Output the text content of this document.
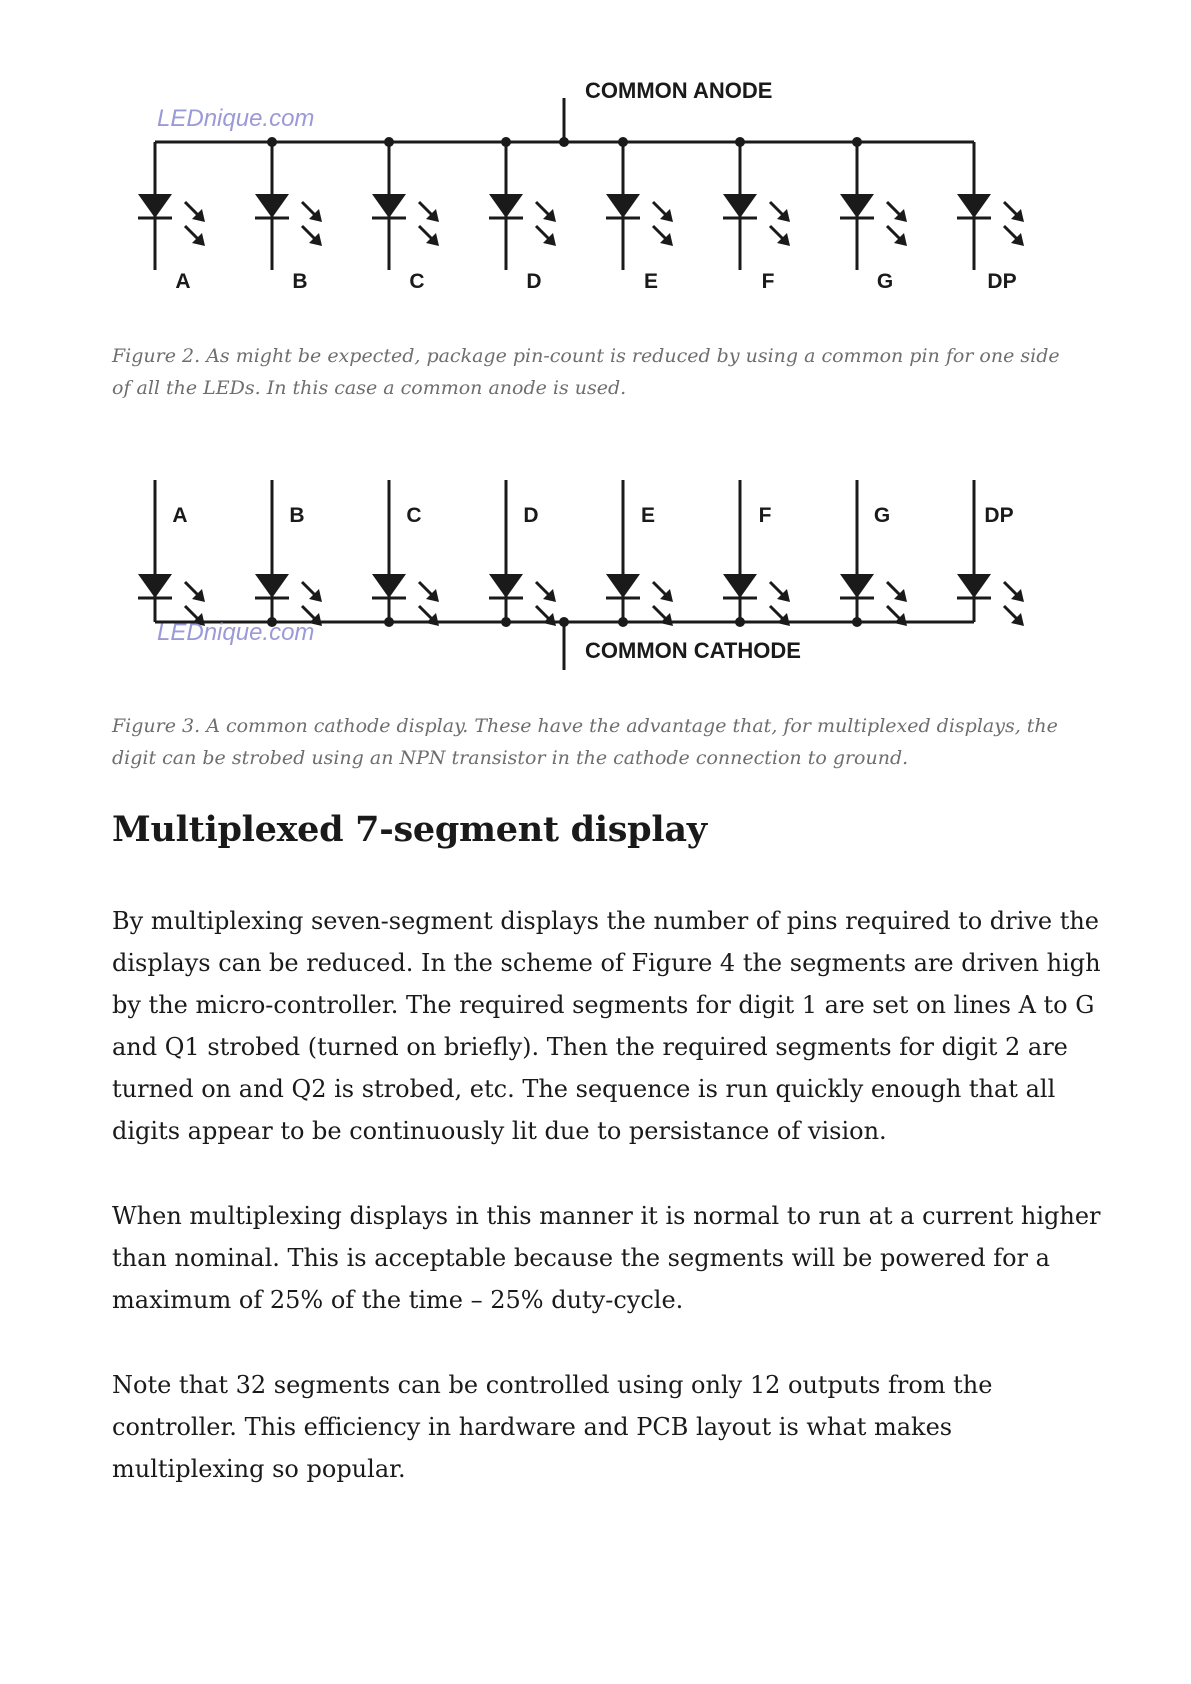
A	B	C	D	E	F	G	DP
COMMON ANODE
LEDnique.com

Figure 2. As might be expected, package pin-count is reduced by using a common pin for one side of all the LEDs. In this case a common anode is used.

A	B	C	D	E	F	G	DP
COMMON CATHODE
LEDnique.com

Figure 3. A common cathode display. These have the advantage that, for multiplexed displays, the digit can be strobed using an NPN transistor in the cathode connection to ground.

Multiplexed 7-segment display

By multiplexing seven-segment displays the number of pins required to drive the displays can be reduced. In the scheme of Figure 4 the segments are driven high by the micro-controller. The required segments for digit 1 are set on lines A to G and Q1 strobed (turned on briefly). Then the required segments for digit 2 are turned on and Q2 is strobed, etc. The sequence is run quickly enough that all digits appear to be continuously lit due to persistance of vision.

When multiplexing displays in this manner it is normal to run at a current higher than nominal. This is acceptable because the segments will be powered for a maximum of 25% of the time – 25% duty-cycle.

Note that 32 segments can be controlled using only 12 outputs from the controller. This efficiency in hardware and PCB layout is what makes multiplexing so popular.
